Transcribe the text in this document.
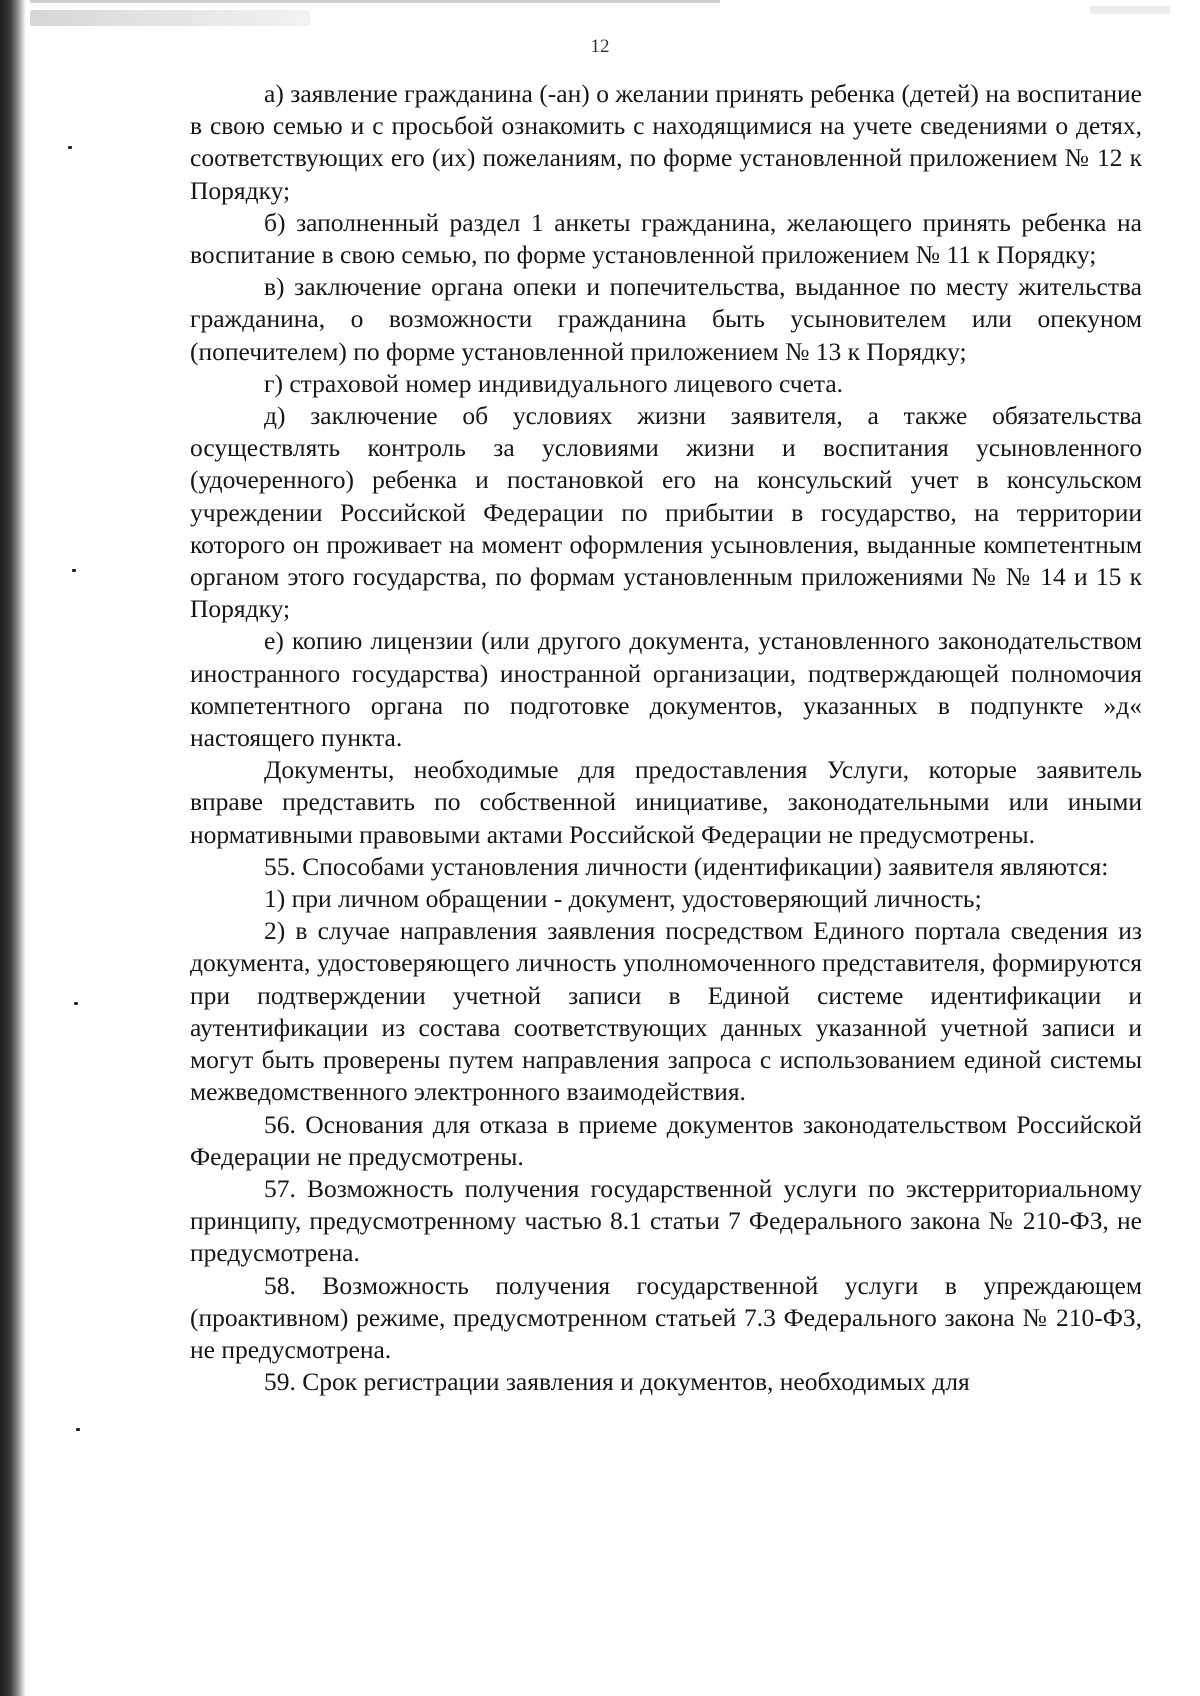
12

а) заявление гражданина (-ан) о желании принять ребенка (детей) на воспитание в свою семью и с просьбой ознакомить с находящимися на учете сведениями о детях, соответствующих его (их) пожеланиям, по форме установленной приложением № 12 к Порядку;

б) заполненный раздел 1 анкеты гражданина, желающего принять ребенка на воспитание в свою семью, по форме установленной приложением № 11 к Порядку;

в) заключение органа опеки и попечительства, выданное по месту жительства гражданина, о возможности гражданина быть усыновителем или опекуном (попечителем) по форме установленной приложением № 13 к Порядку;

г) страховой номер индивидуального лицевого счета.

д) заключение об условиях жизни заявителя, а также обязательства осуществлять контроль за условиями жизни и воспитания усыновленного (удочеренного) ребенка и постановкой его на консульский учет в консульском учреждении Российской Федерации по прибытии в государство, на территории которого он проживает на момент оформления усыновления, выданные компетентным органом этого государства, по формам установленным приложениями № № 14 и 15 к Порядку;

е) копию лицензии (или другого документа, установленного законодательством иностранного государства) иностранной организации, подтверждающей полномочия компетентного органа по подготовке документов, указанных в подпункте »д« настоящего пункта.

Документы, необходимые для предоставления Услуги, которые заявитель вправе представить по собственной инициативе, законодательными или иными нормативными правовыми актами Российской Федерации не предусмотрены.

55. Способами установления личности (идентификации) заявителя являются:

1) при личном обращении - документ, удостоверяющий личность;

2) в случае направления заявления посредством Единого портала сведения из документа, удостоверяющего личность уполномоченного представителя, формируются при подтверждении учетной записи в Единой системе идентификации и аутентификации из состава соответствующих данных указанной учетной записи и могут быть проверены путем направления запроса с использованием единой системы межведомственного электронного взаимодействия.

56. Основания для отказа в приеме документов законодательством Российской Федерации не предусмотрены.

57. Возможность получения государственной услуги по экстерриториальному принципу, предусмотренному частью 8.1 статьи 7 Федерального закона № 210-ФЗ, не предусмотрена.

58. Возможность получения государственной услуги в упреждающем (проактивном) режиме, предусмотренном статьей 7.3 Федерального закона № 210-ФЗ, не предусмотрена.

59. Срок регистрации заявления и документов, необходимых для
